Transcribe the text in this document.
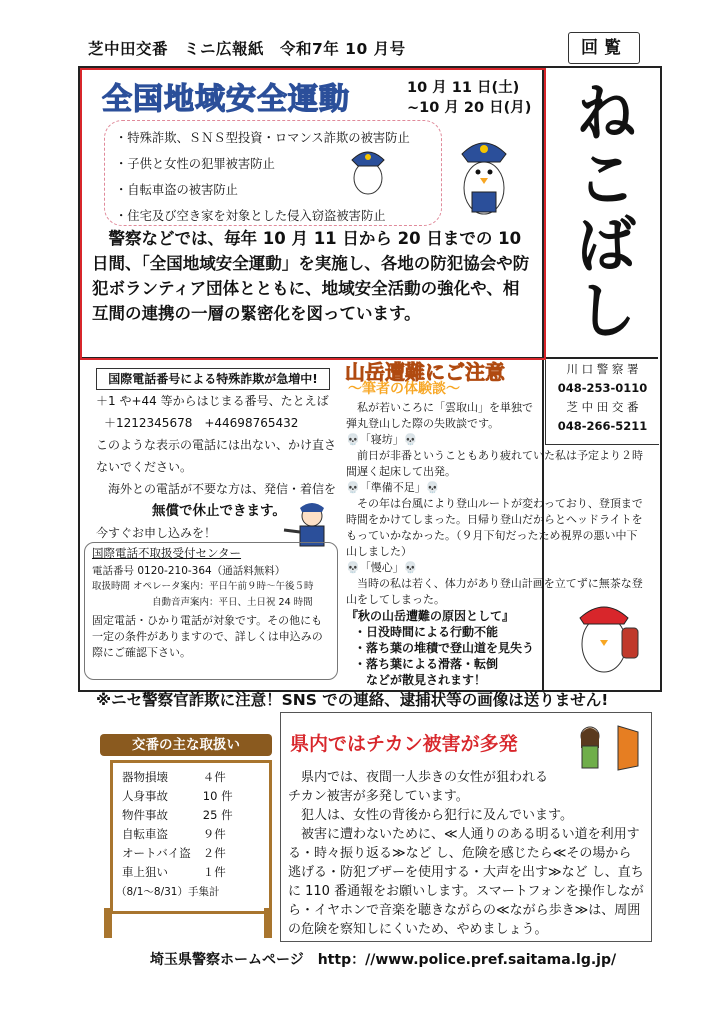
芝中田交番　ミニ広報紙　令和7年 10 月号	回覧
全国地域安全運動	10 月 11 日(土)
~10 月 20 日(月)
・特殊詐欺、ＳＮＳ型投資・ロマンス詐欺の被害防止
・子供と女性の犯罪被害防止
・自転車盗の被害防止
・住宅及び空き家を対象とした侵入窃盗被害防止
　警察などでは、毎年 10 月 11 日から 20 日までの 10 日間、「全国地域安全運動」を実施し、各地の防犯協会や防犯ボランティア団体とともに、地域安全活動の強化や、相互間の連携の一層の緊密化を図っています。	ねこばし
国際電話番号による特殊詐欺が急増中!
＋1 や+44 等からはじまる番号、たとえば
＋1212345678　+44698765432
このような表示の電話には出ない、かけ直さないでください。
　海外との電話が不要な方は、発信・着信を
無償で休止できます。
今すぐお申し込みを！
国際電話不取扱受付センター
電話番号 0120-210-364（通話料無料）
取扱時間 オペレータ案内：平日午前９時～午後５時
自動音声案内：平日、土日祝 24 時間
固定電話・ひかり電話が対象です。その他にも一定の条件がありますので、詳しくは申込みの際にご確認下さい。
山岳遭難にご注意
～筆者の体験談～
川 口 警 察 署
048-253-0110
芝 中 田 交 番
048-266-5211

　私が若いころに「雲取山」を単独で弾丸登山した際の失敗談です。

💀「寝坊」💀

　前日が非番ということもあり疲れていた私は予定より２時間遅く起床して出発。

💀「準備不足」💀

　その年は台風により登山ルートが変わっており、登頂まで時間をかけてしまった。日帰り登山だからとヘッドライトをもっていかなかった。（９月下旬だったため視界の悪い中下山しました）

💀「慢心」💀

　当時の私は若く、体力があり登山計画を立てずに無茶な登山をしてしまった。

『秋の山岳遭難の原因として』

・日没時間による行動不能

・落ち葉の堆積で登山道を見失う

・落ち葉による滑落・転倒

　などが散見されます！

※ニセ警察官詐欺に注意！SNS での連絡、逮捕状等の画像は送りません!
交番の主な取扱い
器物損壊	４件
人身事故	10 件
物件事故	25 件
自転車盗	９件
オートバイ盗	２件
車上狙い	１件
（8/1～8/31）手集計
県内ではチカン被害が多発

　県内では、夜間一人歩きの女性が狙われるチカン被害が多発しています。

　犯人は、女性の背後から犯行に及んでいます。

　被害に遭わないために、≪人通りのある明るい道を利用する・時々振り返る≫など し、危険を感じたら≪その場から逃げる・防犯ブザーを使用する・大声を出す≫など し、直ちに 110 番通報をお願いします。スマートフォンを操作しながら・イヤホンで音楽を聴きながらの≪ながら歩き≫は、周囲の危険を察知しにくいため、やめましょう。

埼玉県警察ホームページ　http：//www.police.pref.saitama.lg.jp/
